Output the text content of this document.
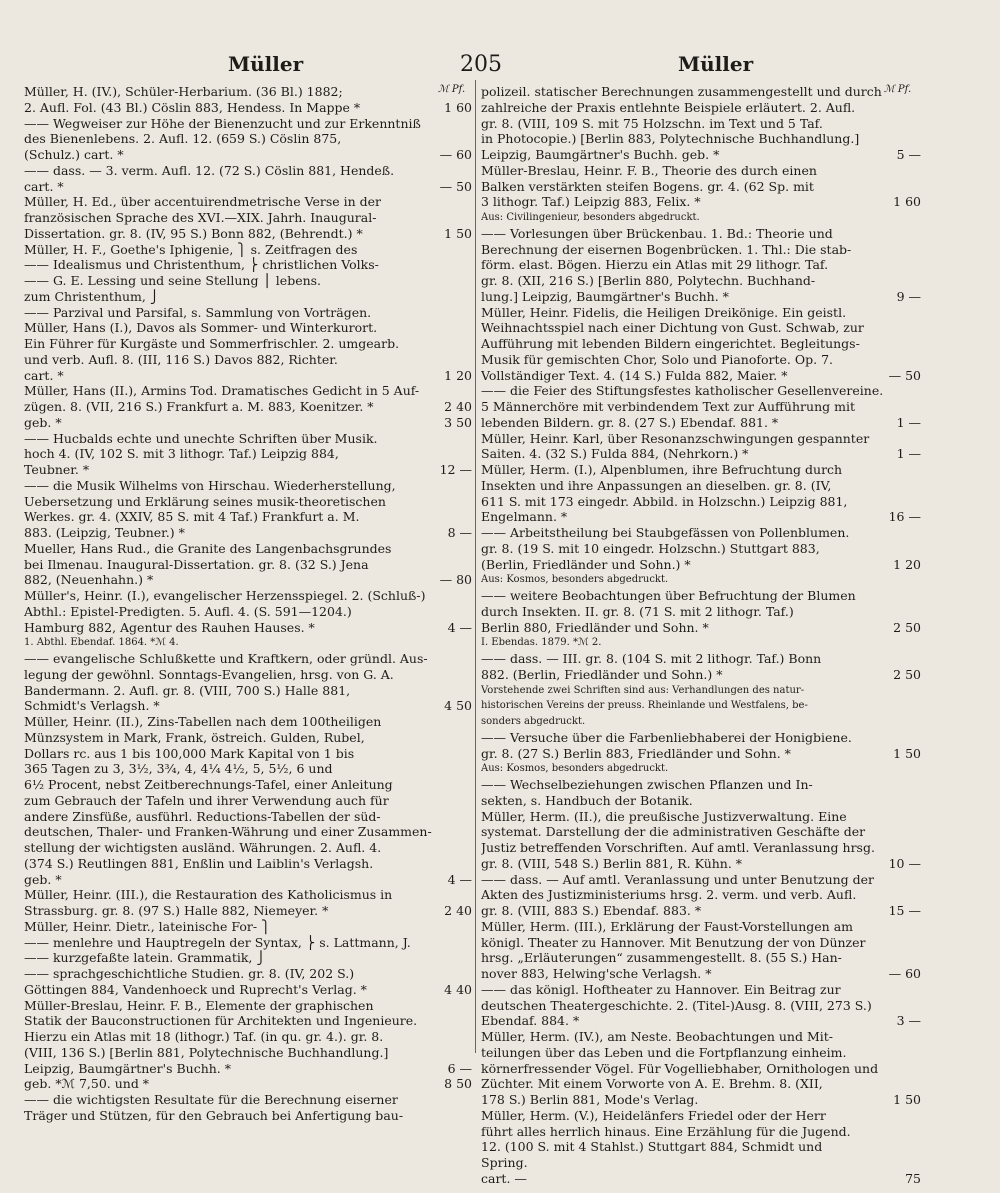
Müller	205	Müller
ℳ Pf.	ℳ Pf.
Müller, H. (IV.), Schüler-Herbarium. (36 Bl.) 1882;
2. Aufl. Fol. (43 Bl.) Cöslin 883, Hendess. In Mappe *	1 60
—— Wegweiser zur Höhe der Bienenzucht und zur Erkenntniß
des Bienenlebens. 2. Aufl. 12. (659 S.) Cöslin 875,
(Schulz.) cart. *	— 60
—— dass. — 3. verm. Aufl. 12. (72 S.) Cöslin 881, Hendeß.
cart. *	— 50
Müller, H. Ed., über accentuirendmetrische Verse in der
französischen Sprache des XVI.—XIX. Jahrh. Inaugural-
Dissertation. gr. 8. (IV, 95 S.) Bonn 882, (Behrendt.) *	1 50
Müller, H. F., Goethe's Iphigenie, ⎫ s. Zeitfragen des
—— Idealismus und Christenthum, ⎬ christlichen Volks-
—— G. E. Lessing und seine Stellung ⎪ lebens.
zum Christenthum, ⎭
—— Parzival und Parsifal, s. Sammlung von Vorträgen.
Müller, Hans (I.), Davos als Sommer- und Winterkurort.
Ein Führer für Kurgäste und Sommerfrischler. 2. umgearb.
und verb. Aufl. 8. (III, 116 S.) Davos 882, Richter.
cart. *	1 20
Müller, Hans (II.), Armins Tod. Dramatisches Gedicht in 5 Auf-
zügen. 8. (VII, 216 S.) Frankfurt a. M. 883, Koenitzer. *	2 40
geb. *	3 50
—— Hucbalds echte und unechte Schriften über Musik.
hoch 4. (IV, 102 S. mit 3 lithogr. Taf.) Leipzig 884,
Teubner. *	12 —
—— die Musik Wilhelms von Hirschau. Wiederherstellung,
Uebersetzung und Erklärung seines musik-theoretischen
Werkes. gr. 4. (XXIV, 85 S. mit 4 Taf.) Frankfurt a. M.
883. (Leipzig, Teubner.) *	8 —
Mueller, Hans Rud., die Granite des Langenbachsgrundes
bei Ilmenau. Inaugural-Dissertation. gr. 8. (32 S.) Jena
882, (Neuenhahn.) *	— 80
Müller's, Heinr. (I.), evangelischer Herzensspiegel. 2. (Schluß-)
Abthl.: Epistel-Predigten. 5. Aufl. 4. (S. 591—1204.)
Hamburg 882, Agentur des Rauhen Hauses. *	4 —
1. Abthl. Ebendaf. 1864. *ℳ 4.
—— evangelische Schlußkette und Kraftkern, oder gründl. Aus-
legung der gewöhnl. Sonntags-Evangelien, hrsg. von G. A.
Bandermann. 2. Aufl. gr. 8. (VIII, 700 S.) Halle 881,
Schmidt's Verlagsh. *	4 50
Müller, Heinr. (II.), Zins-Tabellen nach dem 100theiligen
Münzsystem in Mark, Frank, östreich. Gulden, Rubel,
Dollars rc. aus 1 bis 100,000 Mark Kapital von 1 bis
365 Tagen zu 3, 3½, 3¾, 4, 4¼ 4½, 5, 5½, 6 und
6½ Procent, nebst Zeitberechnungs-Tafel, einer Anleitung
zum Gebrauch der Tafeln und ihrer Verwendung auch für
andere Zinsfüße, ausführl. Reductions-Tabellen der süd-
deutschen, Thaler- und Franken-Währung und einer Zusammen-
stellung der wichtigsten ausländ. Währungen. 2. Aufl. 4.
(374 S.) Reutlingen 881, Enßlin und Laiblin's Verlagsh.
geb. *	4 —
Müller, Heinr. (III.), die Restauration des Katholicismus in
Strassburg. gr. 8. (97 S.) Halle 882, Niemeyer. *	2 40
Müller, Heinr. Dietr., lateinische For- ⎫
—— menlehre und Hauptregeln der Syntax, ⎬ s. Lattmann, J.
—— kurzgefaßte latein. Grammatik, ⎭
—— sprachgeschichtliche Studien. gr. 8. (IV, 202 S.)
Göttingen 884, Vandenhoeck und Ruprecht's Verlag. *	4 40
Müller-Breslau, Heinr. F. B., Elemente der graphischen
Statik der Bauconstructionen für Architekten und Ingenieure.
Hierzu ein Atlas mit 18 (lithogr.) Taf. (in qu. gr. 4.). gr. 8.
(VIII, 136 S.) [Berlin 881, Polytechnische Buchhandlung.]
Leipzig, Baumgärtner's Buchh. *	6 —
geb. *ℳ 7,50. und *	8 50
—— die wichtigsten Resultate für die Berechnung eiserner
Träger und Stützen, für den Gebrauch bei Anfertigung bau-
polizeil. statischer Berechnungen zusammengestellt und durch
zahlreiche der Praxis entlehnte Beispiele erläutert. 2. Aufl.
gr. 8. (VIII, 109 S. mit 75 Holzschn. im Text und 5 Taf.
in Photocopie.) [Berlin 883, Polytechnische Buchhandlung.]
Leipzig, Baumgärtner's Buchh. geb. *	5 —
Müller-Breslau, Heinr. F. B., Theorie des durch einen
Balken verstärkten steifen Bogens. gr. 4. (62 Sp. mit
3 lithogr. Taf.) Leipzig 883, Felix. *	1 60
Aus: Civilingenieur, besonders abgedruckt.
—— Vorlesungen über Brückenbau. 1. Bd.: Theorie und
Berechnung der eisernen Bogenbrücken. 1. Thl.: Die stab-
förm. elast. Bögen. Hierzu ein Atlas mit 29 lithogr. Taf.
gr. 8. (XII, 216 S.) [Berlin 880, Polytechn. Buchhand-
lung.] Leipzig, Baumgärtner's Buchh. *	9 —
Müller, Heinr. Fidelis, die Heiligen Dreikönige. Ein geistl.
Weihnachtsspiel nach einer Dichtung von Gust. Schwab, zur
Aufführung mit lebenden Bildern eingerichtet. Begleitungs-
Musik für gemischten Chor, Solo und Pianoforte. Op. 7.
Vollständiger Text. 4. (14 S.) Fulda 882, Maier. *	— 50
—— die Feier des Stiftungsfestes katholischer Gesellenvereine.
5 Männerchöre mit verbindendem Text zur Aufführung mit
lebenden Bildern. gr. 8. (27 S.) Ebendaf. 881. *	1 —
Müller, Heinr. Karl, über Resonanzschwingungen gespannter
Saiten. 4. (32 S.) Fulda 884, (Nehrkorn.) *	1 —
Müller, Herm. (I.), Alpenblumen, ihre Befruchtung durch
Insekten und ihre Anpassungen an dieselben. gr. 8. (IV,
611 S. mit 173 eingedr. Abbild. in Holzschn.) Leipzig 881,
Engelmann. *	16 —
—— Arbeitstheilung bei Staubgefässen von Pollenblumen.
gr. 8. (19 S. mit 10 eingedr. Holzschn.) Stuttgart 883,
(Berlin, Friedländer und Sohn.) *	1 20
Aus: Kosmos, besonders abgedruckt.
—— weitere Beobachtungen über Befruchtung der Blumen
durch Insekten. II. gr. 8. (71 S. mit 2 lithogr. Taf.)
Berlin 880, Friedländer und Sohn. *	2 50
I. Ebendas. 1879. *ℳ 2.
—— dass. — III. gr. 8. (104 S. mit 2 lithogr. Taf.) Bonn
882. (Berlin, Friedländer und Sohn.) *	2 50
Vorstehende zwei Schriften sind aus: Verhandlungen des natur-
historischen Vereins der preuss. Rheinlande und Westfalens, be-
sonders abgedruckt.
—— Versuche über die Farbenliebhaberei der Honigbiene.
gr. 8. (27 S.) Berlin 883, Friedländer und Sohn. *	1 50
Aus: Kosmos, besonders abgedruckt.
—— Wechselbeziehungen zwischen Pflanzen und In-
sekten, s. Handbuch der Botanik.
Müller, Herm. (II.), die preußische Justizverwaltung. Eine
systemat. Darstellung der die administrativen Geschäfte der
Justiz betreffenden Vorschriften. Auf amtl. Veranlassung hrsg.
gr. 8. (VIII, 548 S.) Berlin 881, R. Kühn. *	10 —
—— dass. — Auf amtl. Veranlassung und unter Benutzung der
Akten des Justizministeriums hrsg. 2. verm. und verb. Aufl.
gr. 8. (VIII, 883 S.) Ebendaf. 883. *	15 —
Müller, Herm. (III.), Erklärung der Faust-Vorstellungen am
königl. Theater zu Hannover. Mit Benutzung der von Dünzer
hrsg. „Erläuterungen“ zusammengestellt. 8. (55 S.) Han-
nover 883, Helwing'sche Verlagsh. *	— 60
—— das königl. Hoftheater zu Hannover. Ein Beitrag zur
deutschen Theatergeschichte. 2. (Titel-)Ausg. 8. (VIII, 273 S.)
Ebendaf. 884. *	3 —
Müller, Herm. (IV.), am Neste. Beobachtungen und Mit-
teilungen über das Leben und die Fortpflanzung einheim.
körnerfressender Vögel. Für Vogelliebhaber, Ornithologen und
Züchter. Mit einem Vorworte von A. E. Brehm. 8. (XII,
178 S.) Berlin 881, Mode's Verlag.	1 50
Müller, Herm. (V.), Heidelänfers Friedel oder der Herr
führt alles herrlich hinaus. Eine Erzählung für die Jugend.
12. (100 S. mit 4 Stahlst.) Stuttgart 884, Schmidt und
Spring.
cart. —	75
